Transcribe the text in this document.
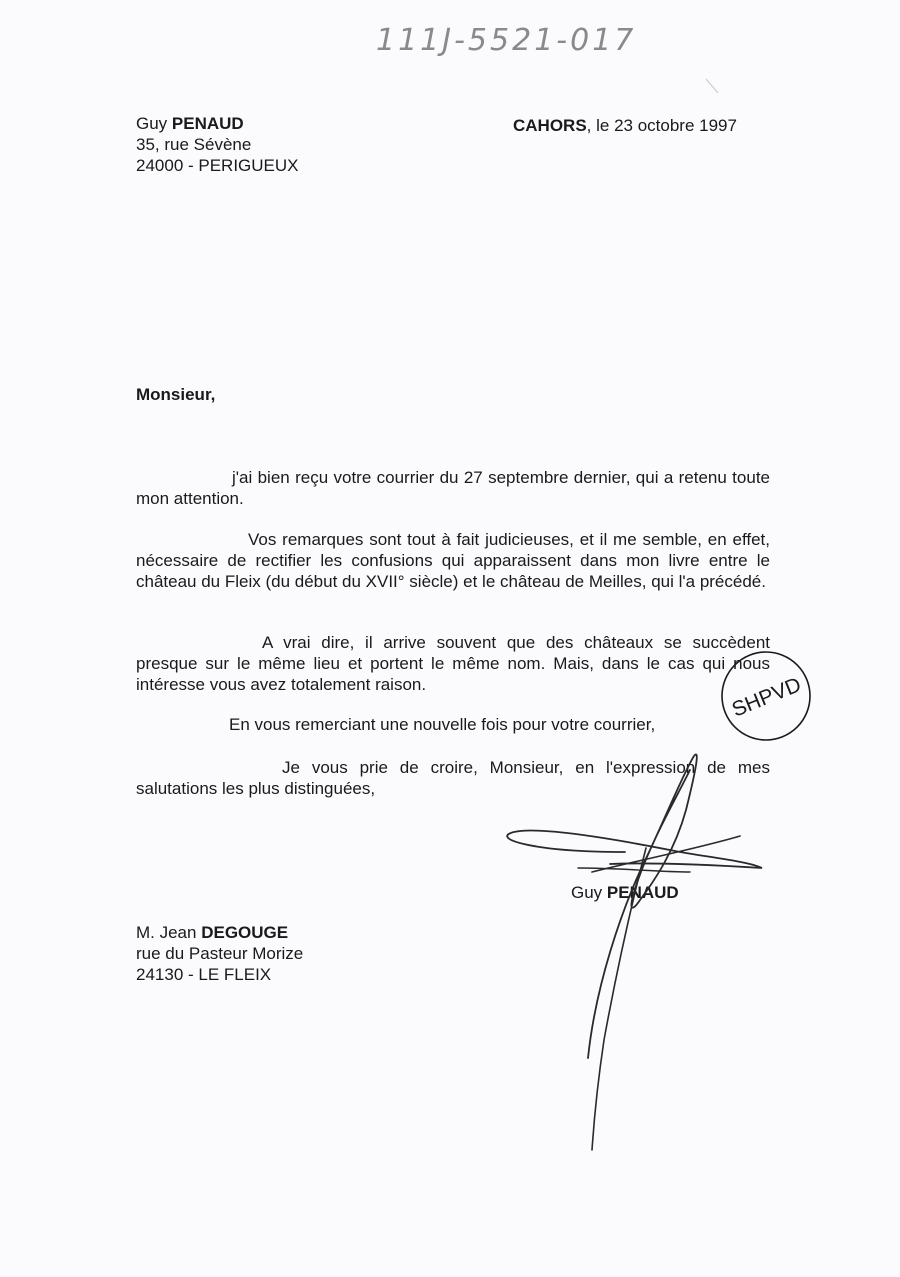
111J-5521-017
Guy PENAUD
35, rue Sévène
24000 - PERIGUEUX
CAHORS, le 23 octobre 1997
Monsieur,
j'ai bien reçu votre courrier du 27 septembre dernier, qui a retenu toute mon attention.
Vos remarques sont tout à fait judicieuses, et il me semble, en effet, nécessaire de rectifier les confusions qui apparaissent dans mon livre entre le château du Fleix (du début du XVII° siècle) et le château de Meilles, qui l'a précédé.
A vrai dire, il arrive souvent que des châteaux se succèdent presque sur le même lieu et portent le même nom. Mais, dans le cas qui nous intéresse vous avez totalement raison.
En vous remerciant une nouvelle fois pour votre courrier,
Je vous prie de croire, Monsieur, en l'expression de mes salutations les plus distinguées,
SHPVD
Guy PENAUD
M. Jean DEGOUGE
rue du Pasteur Morize
24130 - LE FLEIX
